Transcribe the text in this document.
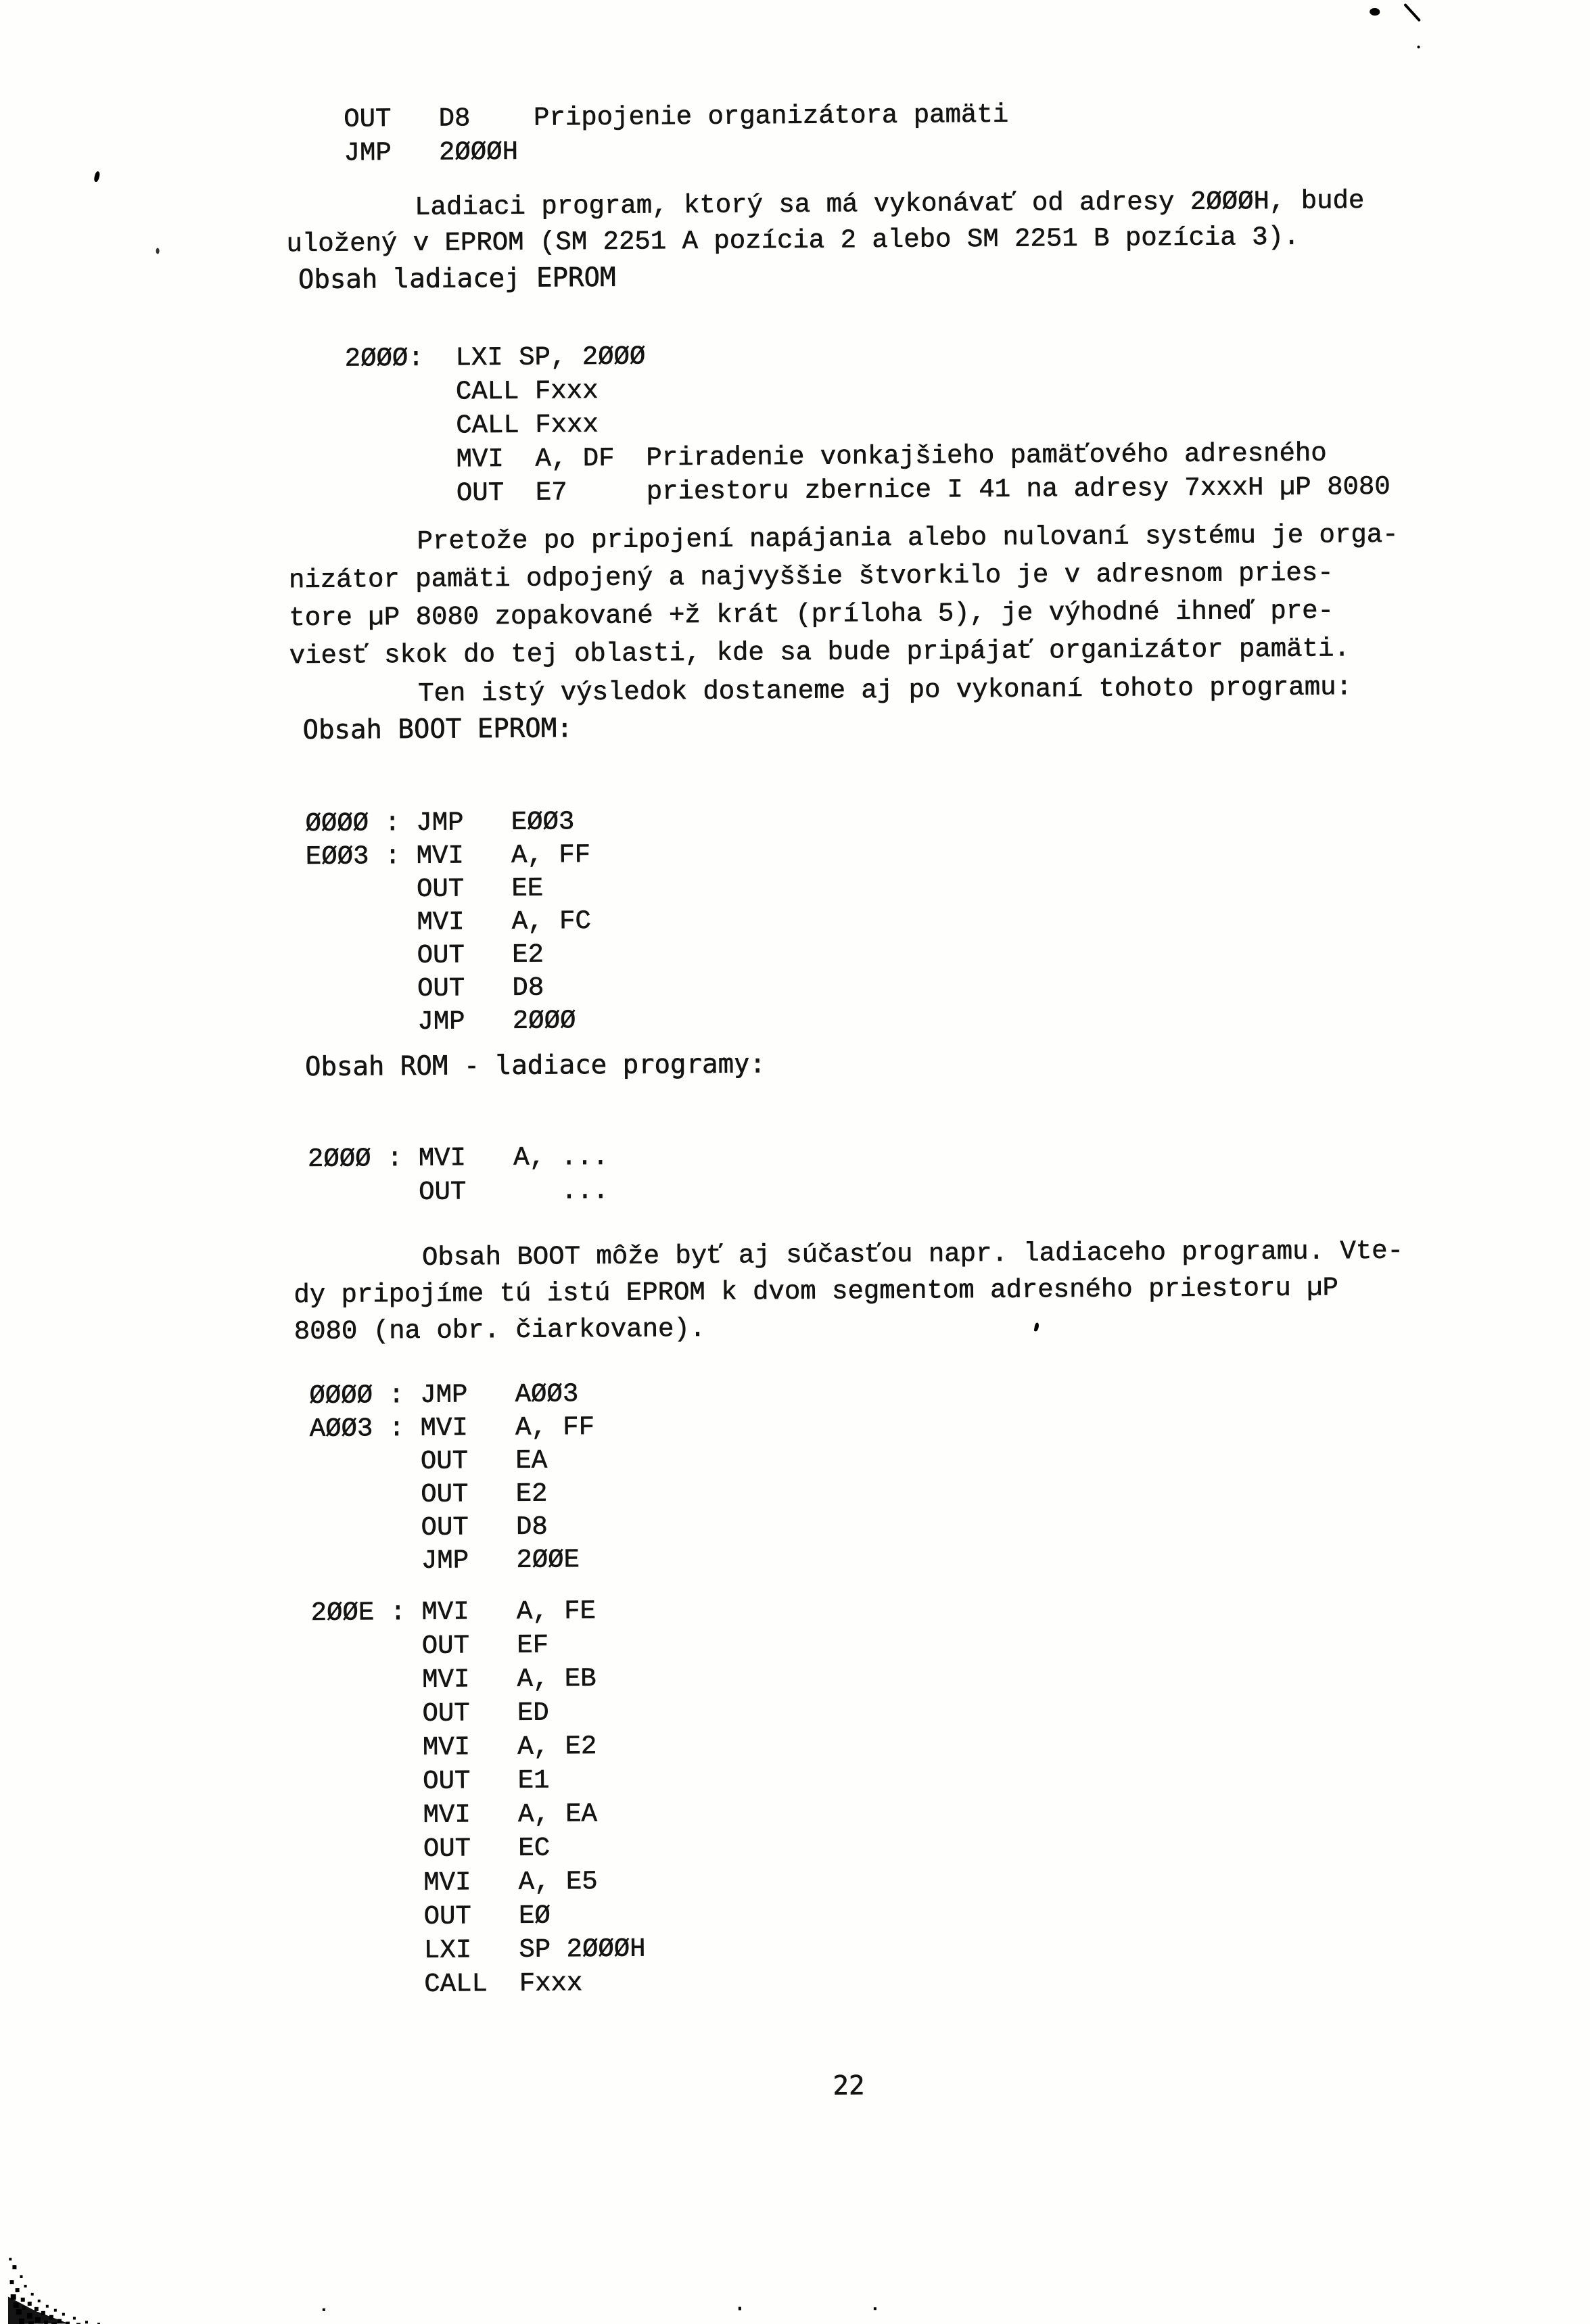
OUT   D8    Pripojenie organizátora pamäti
JMP   2ØØØH
Ladiaci program, ktorý sa má vykonávať od adresy 2ØØØH, bude
uložený v EPROM (SM 2251 A pozícia 2 alebo SM 2251 B pozícia 3).
Obsah ladiacej EPROM
2ØØØ:  LXI SP, 2ØØØ
CALL Fxxx
CALL Fxxx
MVI  A, DF  Priradenie vonkajšieho pamäťového adresného
OUT  E7     priestoru zbernice I 41 na adresy 7xxxH µP 8080
Pretože po pripojení napájania alebo nulovaní systému je orga-
nizátor pamäti odpojený a najvyššie štvorkilo je v adresnom pries-
tore µP 8080 zopakované +ž krát (príloha 5), je výhodné ihneď pre-
viesť skok do tej oblasti, kde sa bude pripájať organizátor pamäti.
Ten istý výsledok dostaneme aj po vykonaní tohoto programu:
Obsah BOOT EPROM:
ØØØØ : JMP   EØØ3
EØØ3 : MVI   A, FF
OUT   EE
MVI   A, FC
OUT   E2
OUT   D8
JMP   2ØØØ
Obsah ROM - ladiace programy:
2ØØØ : MVI   A, ...
OUT      ...
Obsah BOOT môže byť aj súčasťou napr. ladiaceho programu. Vte-
dy pripojíme tú istú EPROM k dvom segmentom adresného priestoru µP
8080 (na obr. čiarkovane).
ØØØØ : JMP   AØØ3
AØØ3 : MVI   A, FF
OUT   EA
OUT   E2
OUT   D8
JMP   2ØØE
2ØØE : MVI   A, FE
OUT   EF
MVI   A, EB
OUT   ED
MVI   A, E2
OUT   E1
MVI   A, EA
OUT   EC
MVI   A, E5
OUT   EØ
LXI   SP 2ØØØH
CALL  Fxxx
22
